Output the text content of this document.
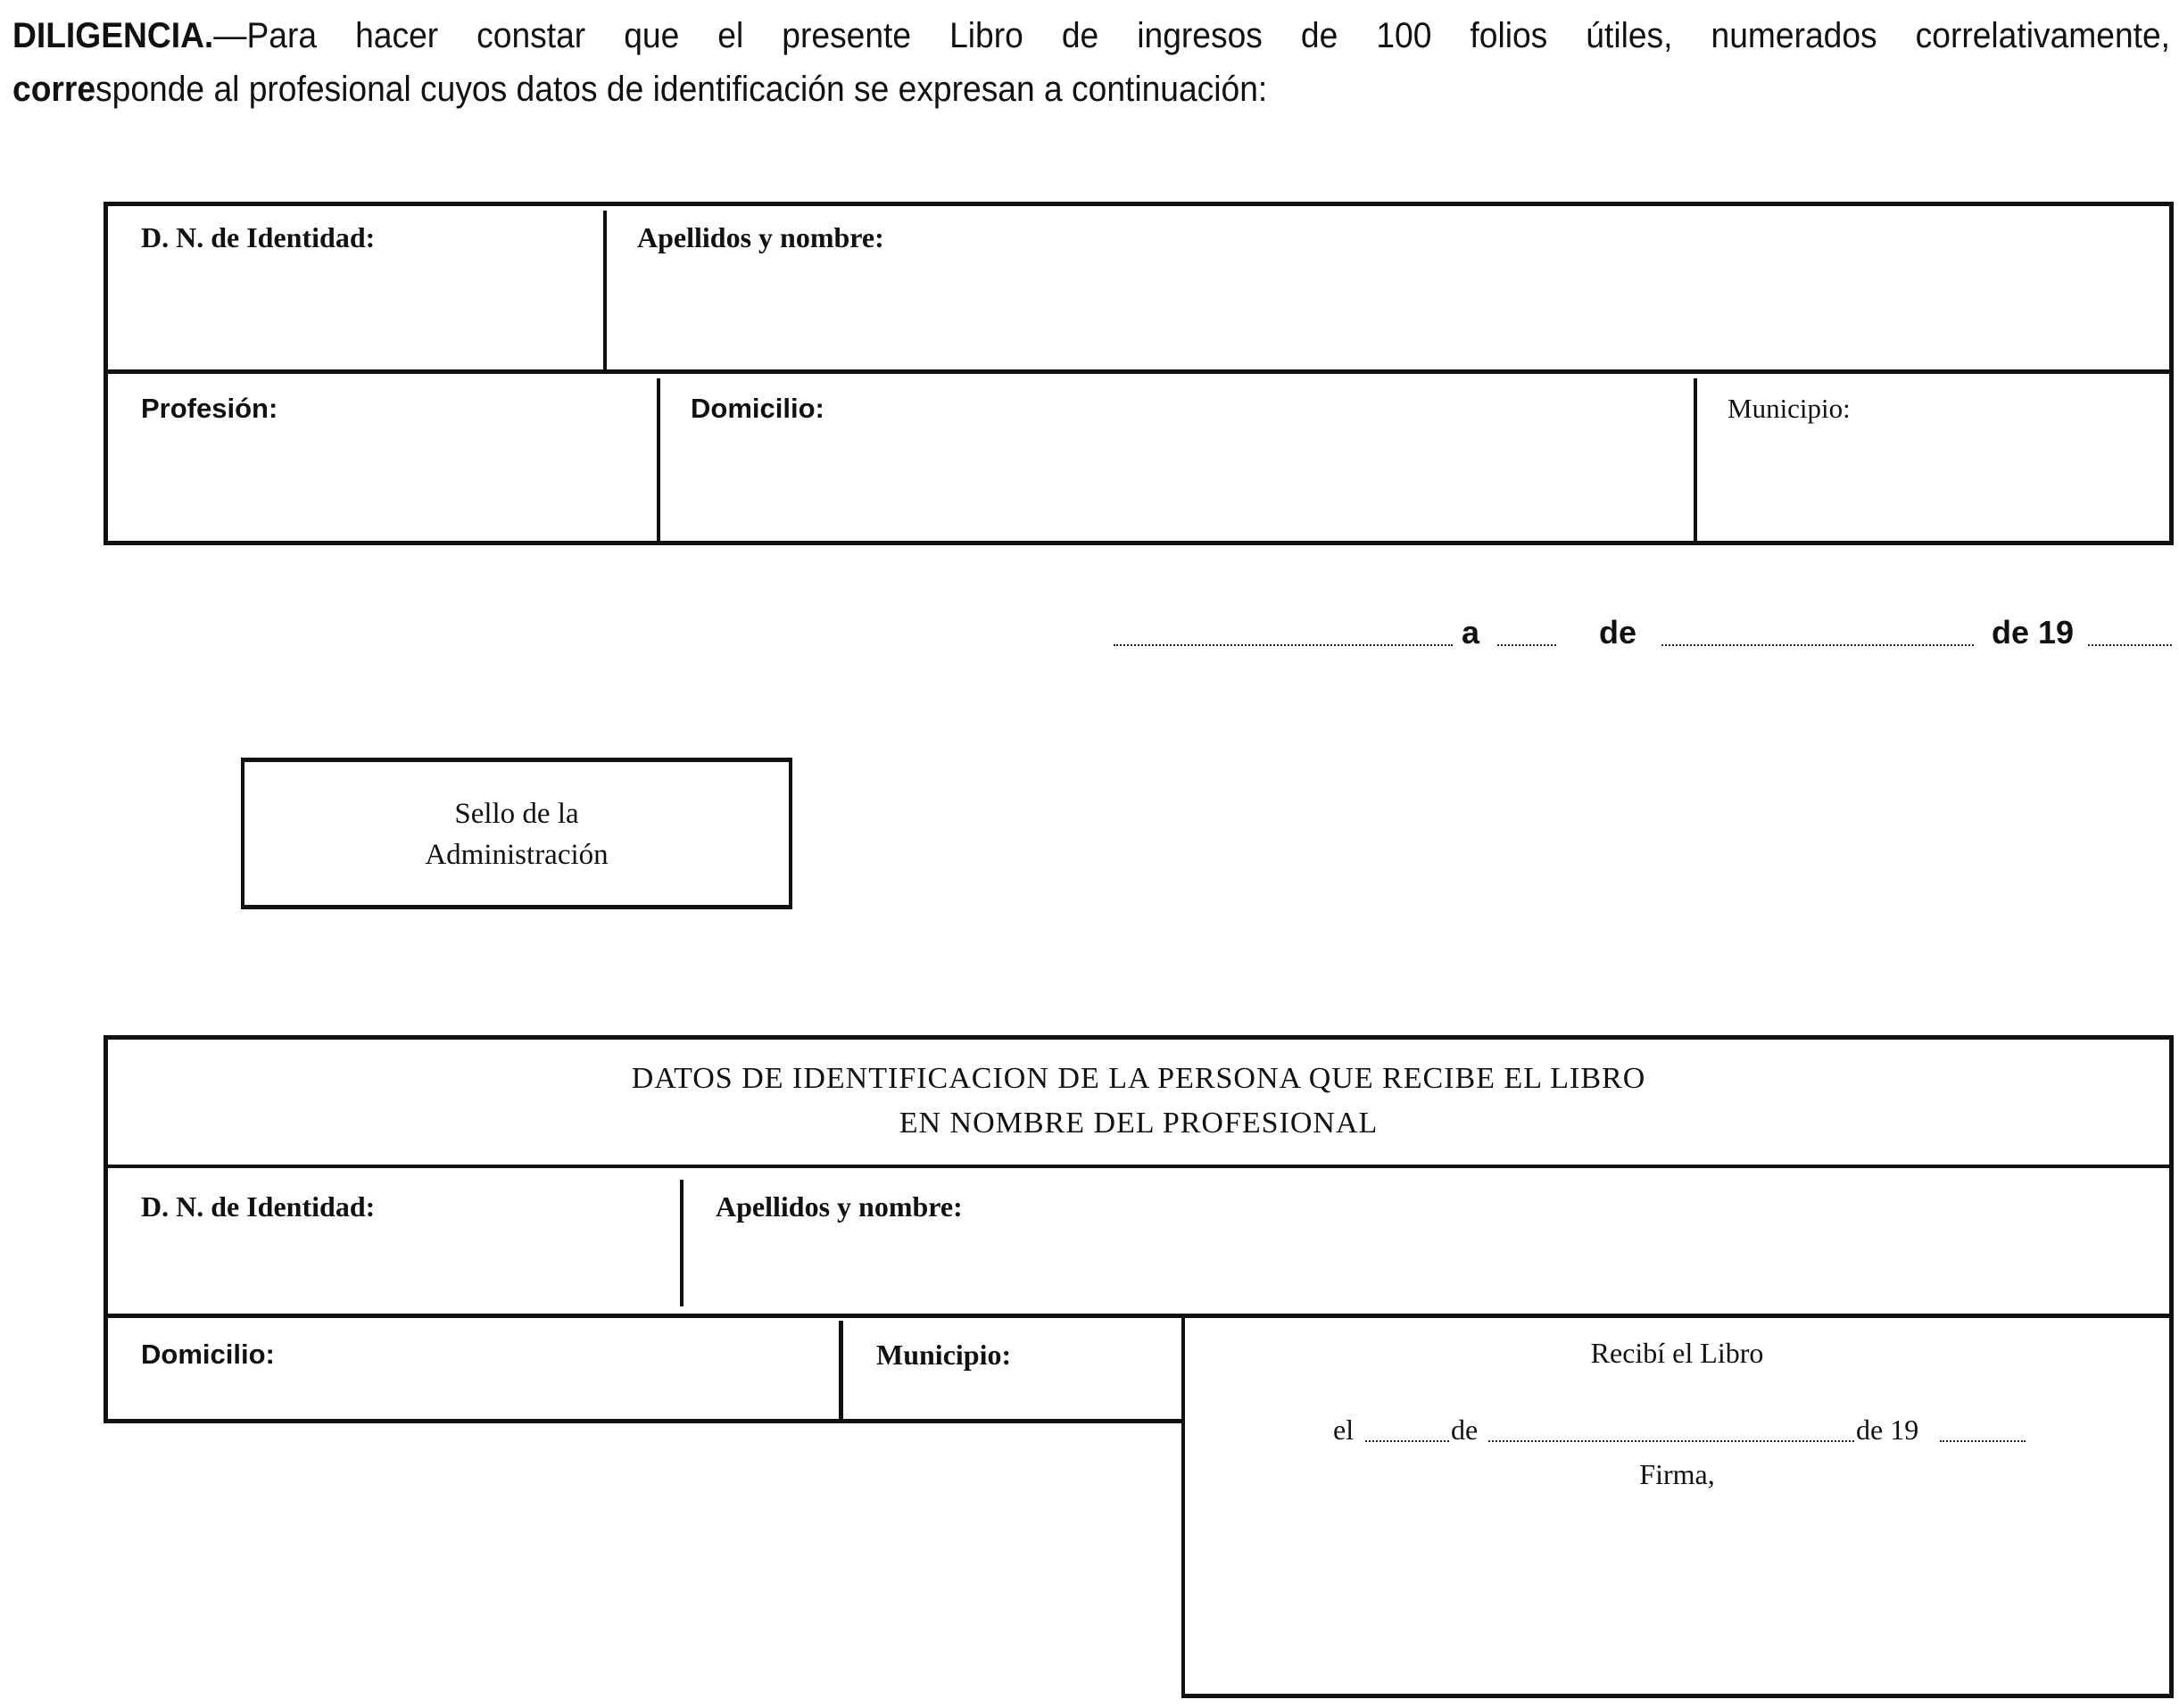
DILIGENCIA.—Para hacer constar que el presente Libro de ingresos de 100 folios útiles, numerados correlativamente,
corresponde al profesional cuyos datos de identificación se expresan a continuación:
D. N. de Identidad:	Apellidos y nombre:
Profesión:	Domicilio:	Municipio:
a	de	de 19
Sello de la
Administración
DATOS DE IDENTIFICACION DE LA PERSONA QUE RECIBE EL LIBRO
EN NOMBRE DEL PROFESIONAL
D. N. de Identidad:	Apellidos y nombre:
Domicilio:	Municipio:	Recibí el Libro
el	de	de 19
Firma,
